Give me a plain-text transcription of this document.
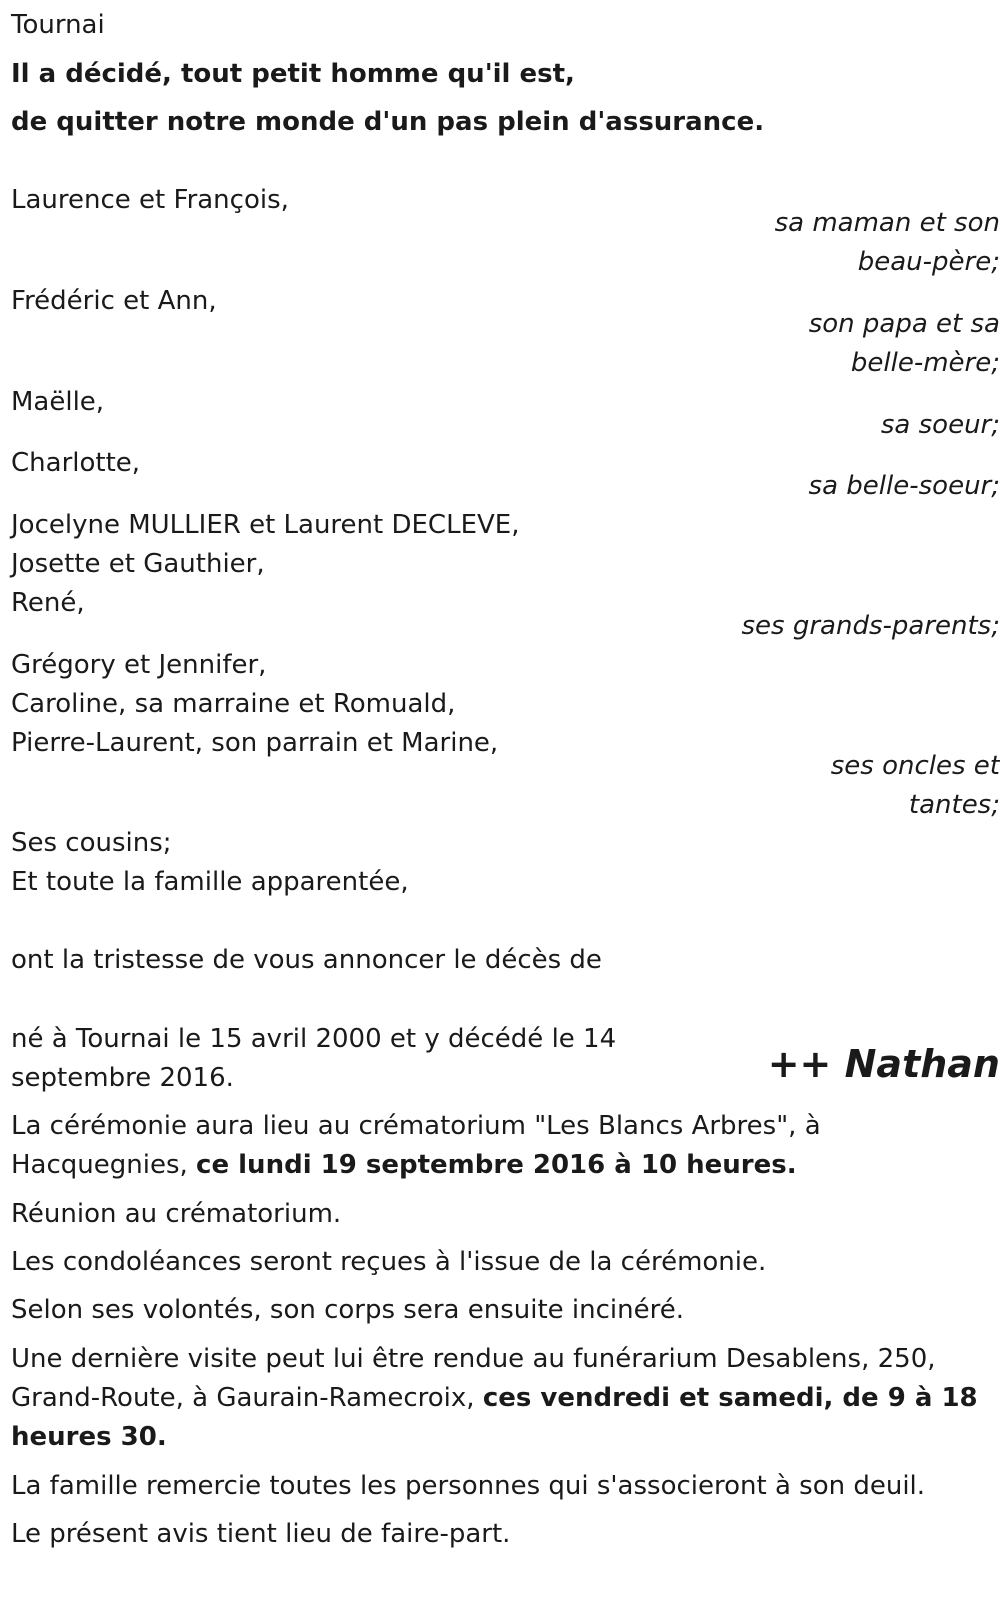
Tournai

Il a décidé, tout petit homme qu'il est,

de quitter notre monde d'un pas plein d'assurance.

Laurence et François,

sa maman et son

beau-père;

Frédéric et Ann,

son papa et sa

belle-mère;

Maëlle,

sa soeur;

Charlotte,

sa belle-soeur;

Jocelyne MULLIER et Laurent DECLEVE,

Josette et Gauthier,

René,

ses grands-parents;

Grégory et Jennifer,

Caroline, sa marraine et Romuald,

Pierre-Laurent, son parrain et Marine,

ses oncles et

tantes;

Ses cousins;

Et toute la famille apparentée,

ont la tristesse de vous annoncer le décès de

++ Nathan

né à Tournai le 15 avril 2000 et y décédé le 14

septembre 2016.

La cérémonie aura lieu au crématorium "Les Blancs Arbres", à

Hacquegnies, ce lundi 19 septembre 2016 à 10 heures.

Réunion au crématorium.

Les condoléances seront reçues à l'issue de la cérémonie.

Selon ses volontés, son corps sera ensuite incinéré.

Une dernière visite peut lui être rendue au funérarium Desablens, 250,

Grand-Route, à Gaurain-Ramecroix, ces vendredi et samedi, de 9 à 18

heures 30.

La famille remercie toutes les personnes qui s'associeront à son deuil.

Le présent avis tient lieu de faire-part.
